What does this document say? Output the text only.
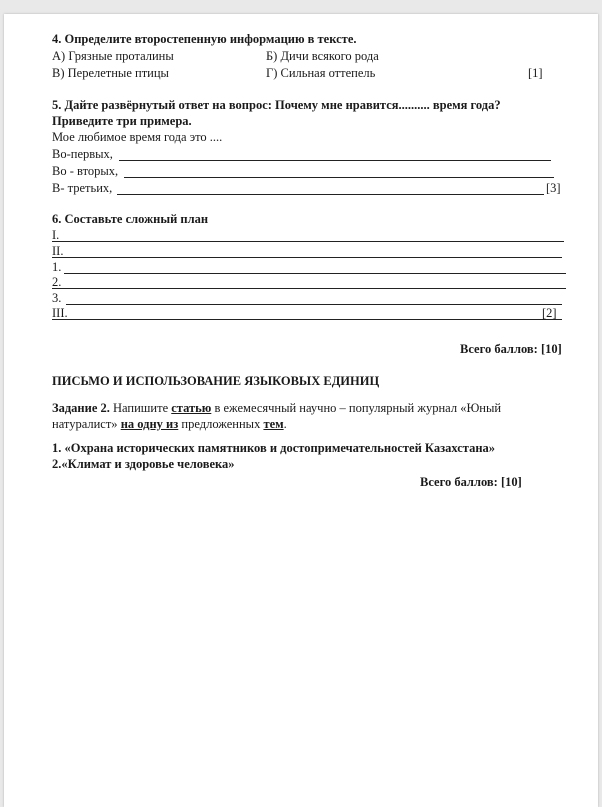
4. Определите второстепенную информацию в тексте.
А) Грязные проталины	Б) Дичи всякого рода
В) Перелетные птицы	Г) Сильная оттепель	[1]
5. Дайте развёрнутый ответ на вопрос: Почему мне нравится.......... время года?
Приведите три примера.
Мое любимое время года это ....
Во-первых,
Во - вторых,
В- третьих,	[3]
6. Составьте сложный план
I.
II.
1.
2.
3.
III.	[2]
Всего баллов: [10]
ПИСЬМО И ИСПОЛЬЗОВАНИЕ ЯЗЫКОВЫХ ЕДИНИЦ
Задание 2. Напишите статью в ежемесячный научно – популярный журнал «Юный
натуралист» на одну из предложенных тем.
1. «Охрана исторических памятников и достопримечательностей Казахстана»
2.«Климат и здоровье человека»
Всего баллов: [10]
